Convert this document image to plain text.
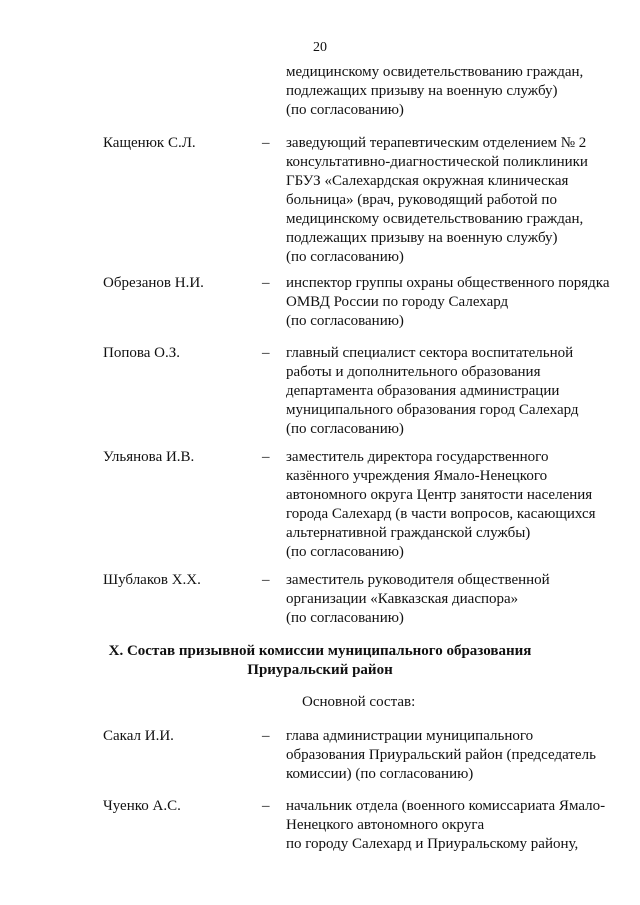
20
медицинскому освидетельствованию граждан,
подлежащих призыву на военную службу)
(по согласованию)
Кащенюк С.Л.	– заведующий терапевтическим отделением № 2
консультативно-диагностической поликлиники
ГБУЗ «Салехардская окружная клиническая
больница» (врач, руководящий работой по
медицинскому освидетельствованию граждан,
подлежащих призыву на военную службу)
(по согласованию)
Обрезанов Н.И.	– инспектор группы охраны общественного порядка
ОМВД России по городу Салехард
(по согласованию)
Попова О.З.	– главный специалист сектора воспитательной
работы и дополнительного образования
департамента образования администрации
муниципального образования город Салехард
(по согласованию)
Ульянова И.В.	– заместитель директора государственного
казённого учреждения Ямало-Ненецкого
автономного округа Центр занятости населения
города Салехард (в части вопросов, касающихся
альтернативной гражданской службы)
(по согласованию)
Шублаков Х.Х.	– заместитель руководителя общественной
организации «Кавказская диаспора»
(по согласованию)
X. Состав призывной комиссии муниципального образования
Приуральский район
Основной состав:
Сакал И.И.	– глава администрации муниципального
образования Приуральский район (председатель
комиссии) (по согласованию)
Чуенко А.С.	– начальник отдела (военного комиссариата Ямало-
Ненецкого автономного округа
по городу Салехард и Приуральскому району,
